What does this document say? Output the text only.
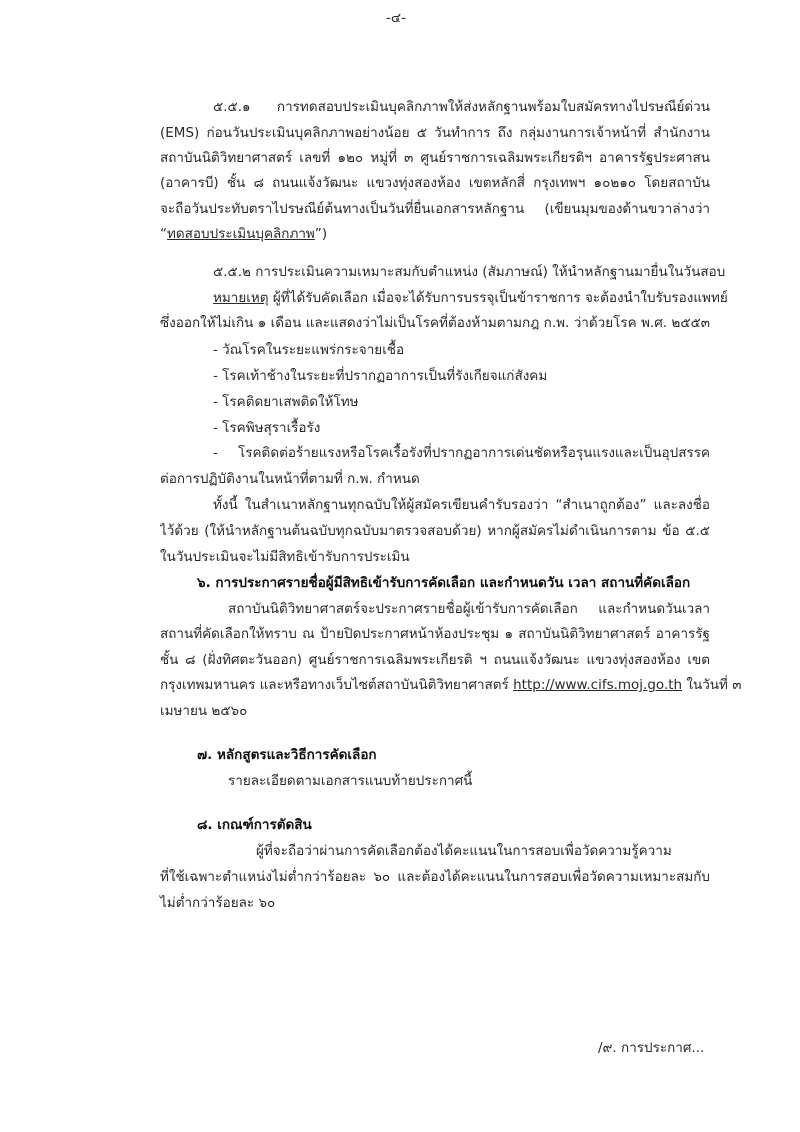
-๔-
๕.๕.๑ การทดสอบประเมินบุคลิกภาพให้ส่งหลักฐานพร้อมใบสมัครทางไปรษณีย์ด่วน
(EMS) ก่อนวันประเมินบุคลิกภาพอย่างน้อย ๕ วันทำการ ถึง กลุ่มงานการเจ้าหน้าที่ สำนักงาน
สถาบันนิติวิทยาศาสตร์ เลขที่ ๑๒๐ หมู่ที่ ๓ ศูนย์ราชการเฉลิมพระเกียรติฯ อาคารรัฐประศาสน
(อาคารบี) ชั้น ๘ ถนนแจ้งวัฒนะ แขวงทุ่งสองห้อง เขตหลักสี่ กรุงเทพฯ ๑๐๒๑๐ โดยสถาบัน
จะถือวันประทับตราไปรษณีย์ต้นทางเป็นวันที่ยื่นเอกสารหลักฐาน (เขียนมุมของด้านขวาล่างว่า
“ทดสอบประเมินบุคลิกภาพ”)
๕.๕.๒ การประเมินความเหมาะสมกับตำแหน่ง (สัมภาษณ์) ให้นำหลักฐานมายื่นในวันสอบ
หมายเหตุ ผู้ที่ได้รับคัดเลือก เมื่อจะได้รับการบรรจุเป็นข้าราชการ จะต้องนำใบรับรองแพทย์
ซึ่งออกให้ไม่เกิน ๑ เดือน และแสดงว่าไม่เป็นโรคที่ต้องห้ามตามกฎ ก.พ. ว่าด้วยโรค พ.ศ. ๒๕๕๓
- วัณโรคในระยะแพร่กระจายเชื้อ
- โรคเท้าช้างในระยะที่ปรากฏอาการเป็นที่รังเกียจแก่สังคม
- โรคติดยาเสพติดให้โทษ
- โรคพิษสุราเรื้อรัง
- โรคติดต่อร้ายแรงหรือโรคเรื้อรังที่ปรากฏอาการเด่นชัดหรือรุนแรงและเป็นอุปสรรค
ต่อการปฏิบัติงานในหน้าที่ตามที่ ก.พ. กำหนด
ทั้งนี้ ในสำเนาหลักฐานทุกฉบับให้ผู้สมัครเขียนคำรับรองว่า “สำเนาถูกต้อง” และลงชื่อ
ไว้ด้วย (ให้นำหลักฐานต้นฉบับทุกฉบับมาตรวจสอบด้วย) หากผู้สมัครไม่ดำเนินการตาม ข้อ ๕.๕
ในวันประเมินจะไม่มีสิทธิเข้ารับการประเมิน
๖. การประกาศรายชื่อผู้มีสิทธิเข้ารับการคัดเลือก และกำหนดวัน เวลา สถานที่คัดเลือก
สถาบันนิติวิทยาศาสตร์จะประกาศรายชื่อผู้เข้ารับการคัดเลือก และกำหนดวันเวลา
สถานที่คัดเลือกให้ทราบ ณ ป้ายปิดประกาศหน้าห้องประชุม ๑ สถาบันนิติวิทยาศาสตร์ อาคารรัฐ
ชั้น ๘ (ฝั่งทิศตะวันออก) ศูนย์ราชการเฉลิมพระเกียรติ ฯ ถนนแจ้งวัฒนะ แขวงทุ่งสองห้อง เขต
กรุงเทพมหานคร และหรือทางเว็บไซต์สถาบันนิติวิทยาศาสตร์ http://www.cifs.moj.go.th ในวันที่ ๓
เมษายน ๒๕๖๐
๗. หลักสูตรและวิธีการคัดเลือก
รายละเอียดตามเอกสารแนบท้ายประกาศนี้
๘. เกณฑ์การตัดสิน
ผู้ที่จะถือว่าผ่านการคัดเลือกต้องได้คะแนนในการสอบเพื่อวัดความรู้ความ
ที่ใช้เฉพาะตำแหน่งไม่ต่ำกว่าร้อยละ ๖๐ และต้องได้คะแนนในการสอบเพื่อวัดความเหมาะสมกับ
ไม่ต่ำกว่าร้อยละ ๖๐
/๙. การประกาศ...
